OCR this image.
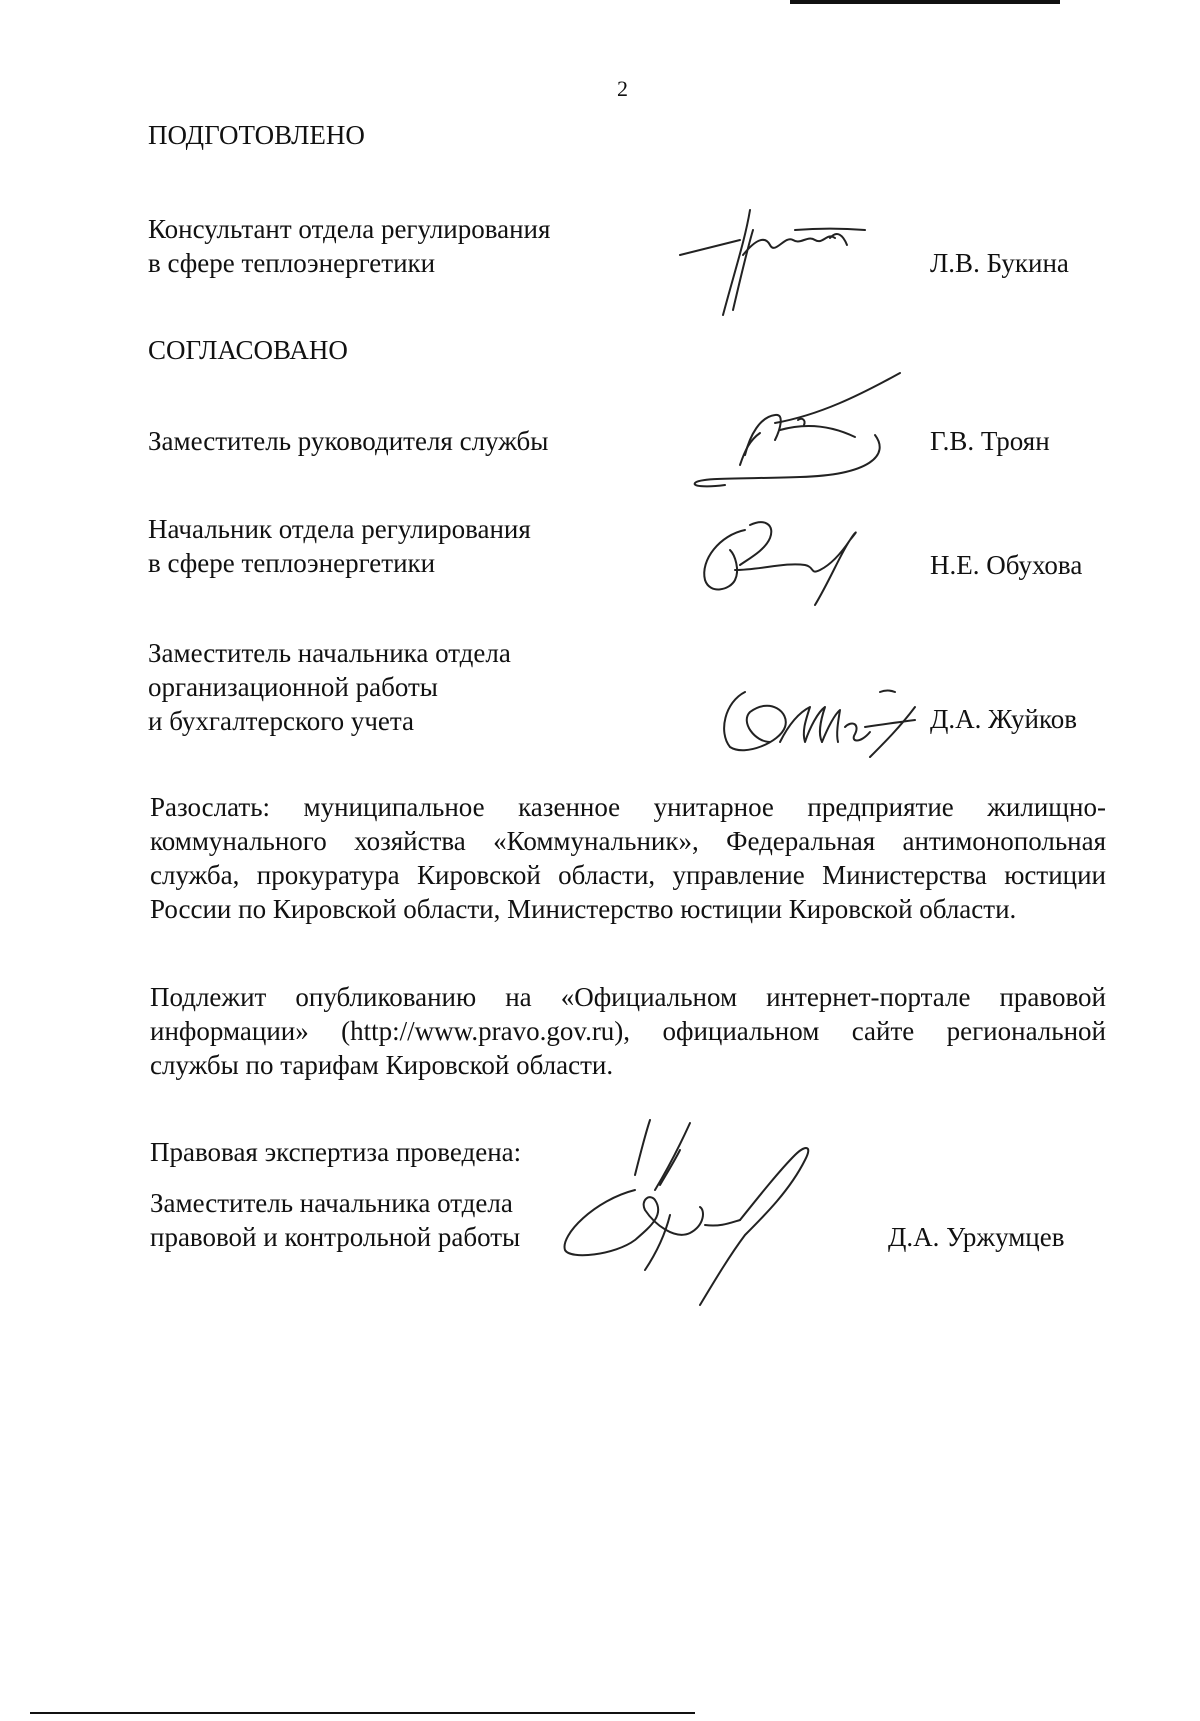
2
ПОДГОТОВЛЕНО
Консультант отдела регулирования
в сфере теплоэнергетики	Л.В. Букина
СОГЛАСОВАНО
Заместитель руководителя службы	Г.В. Троян
Начальник отдела регулирования
в сфере теплоэнергетики	Н.Е. Обухова
Заместитель начальника отдела
организационной работы
и бухгалтерского учета	Д.А. Жуйков
Разослать: муниципальное казенное унитарное предприятие жилищно-
коммунального хозяйства «Коммунальник», Федеральная антимонопольная
служба, прокуратура Кировской области, управление Министерства юстиции
России по Кировской области, Министерство юстиции Кировской области.
Подлежит опубликованию на «Официальном интернет-портале правовой
информации» (http://www.pravo.gov.ru), официальном сайте региональной
службы по тарифам Кировской области.
Правовая экспертиза проведена:
Заместитель начальника отдела
правовой и контрольной работы	Д.А. Уржумцев
